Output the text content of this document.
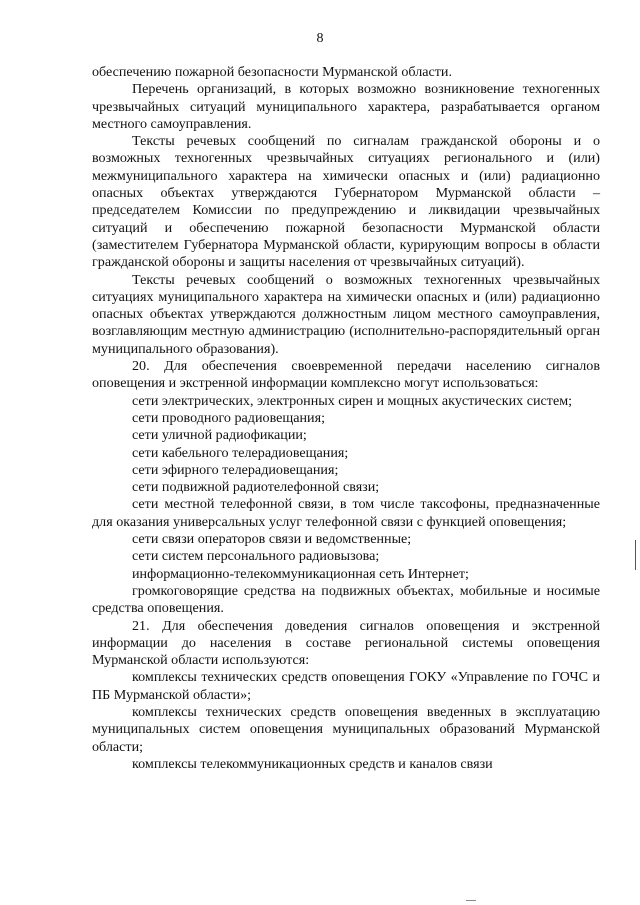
8

обеспечению пожарной безопасности Мурманской области.

Перечень организаций, в которых возможно возникновение техногенных чрезвычайных ситуаций муниципального характера, разрабатывается органом местного самоуправления.

Тексты речевых сообщений по сигналам гражданской обороны и о возможных техногенных чрезвычайных ситуациях регионального и (или) межмуниципального характера на химически опасных и (или) радиационно опасных объектах утверждаются Губернатором Мурманской области – председателем Комиссии по предупреждению и ликвидации чрезвычайных ситуаций и обеспечению пожарной безопасности Мурманской области (заместителем Губернатора Мурманской области, курирующим вопросы в области гражданской обороны и защиты населения от чрезвычайных ситуаций).

Тексты речевых сообщений о возможных техногенных чрезвычайных ситуациях муниципального характера на химически опасных и (или) радиационно опасных объектах утверждаются должностным лицом местного самоуправления, возглавляющим местную администрацию (исполнительно-распорядительный орган муниципального образования).

20. Для обеспечения своевременной передачи населению сигналов оповещения и экстренной информации комплексно могут использоваться:

сети электрических, электронных сирен и мощных акустических систем;

сети проводного радиовещания;

сети уличной радиофикации;

сети кабельного телерадиовещания;

сети эфирного телерадиовещания;

сети подвижной радиотелефонной связи;

сети местной телефонной связи, в том числе таксофоны, предназначенные для оказания универсальных услуг телефонной связи с функцией оповещения;

сети связи операторов связи и ведомственные;

сети систем персонального радиовызова;

информационно-телекоммуникационная сеть Интернет;

громкоговорящие средства на подвижных объектах, мобильные и носимые средства оповещения.

21. Для обеспечения доведения сигналов оповещения и экстренной информации до населения в составе региональной системы оповещения Мурманской области используются:

комплексы технических средств оповещения ГОКУ «Управление по ГОЧС и ПБ Мурманской области»;

комплексы технических средств оповещения введенных в эксплуатацию муниципальных систем оповещения муниципальных образований Мурманской области;

комплексы телекоммуникационных средств и каналов связи
